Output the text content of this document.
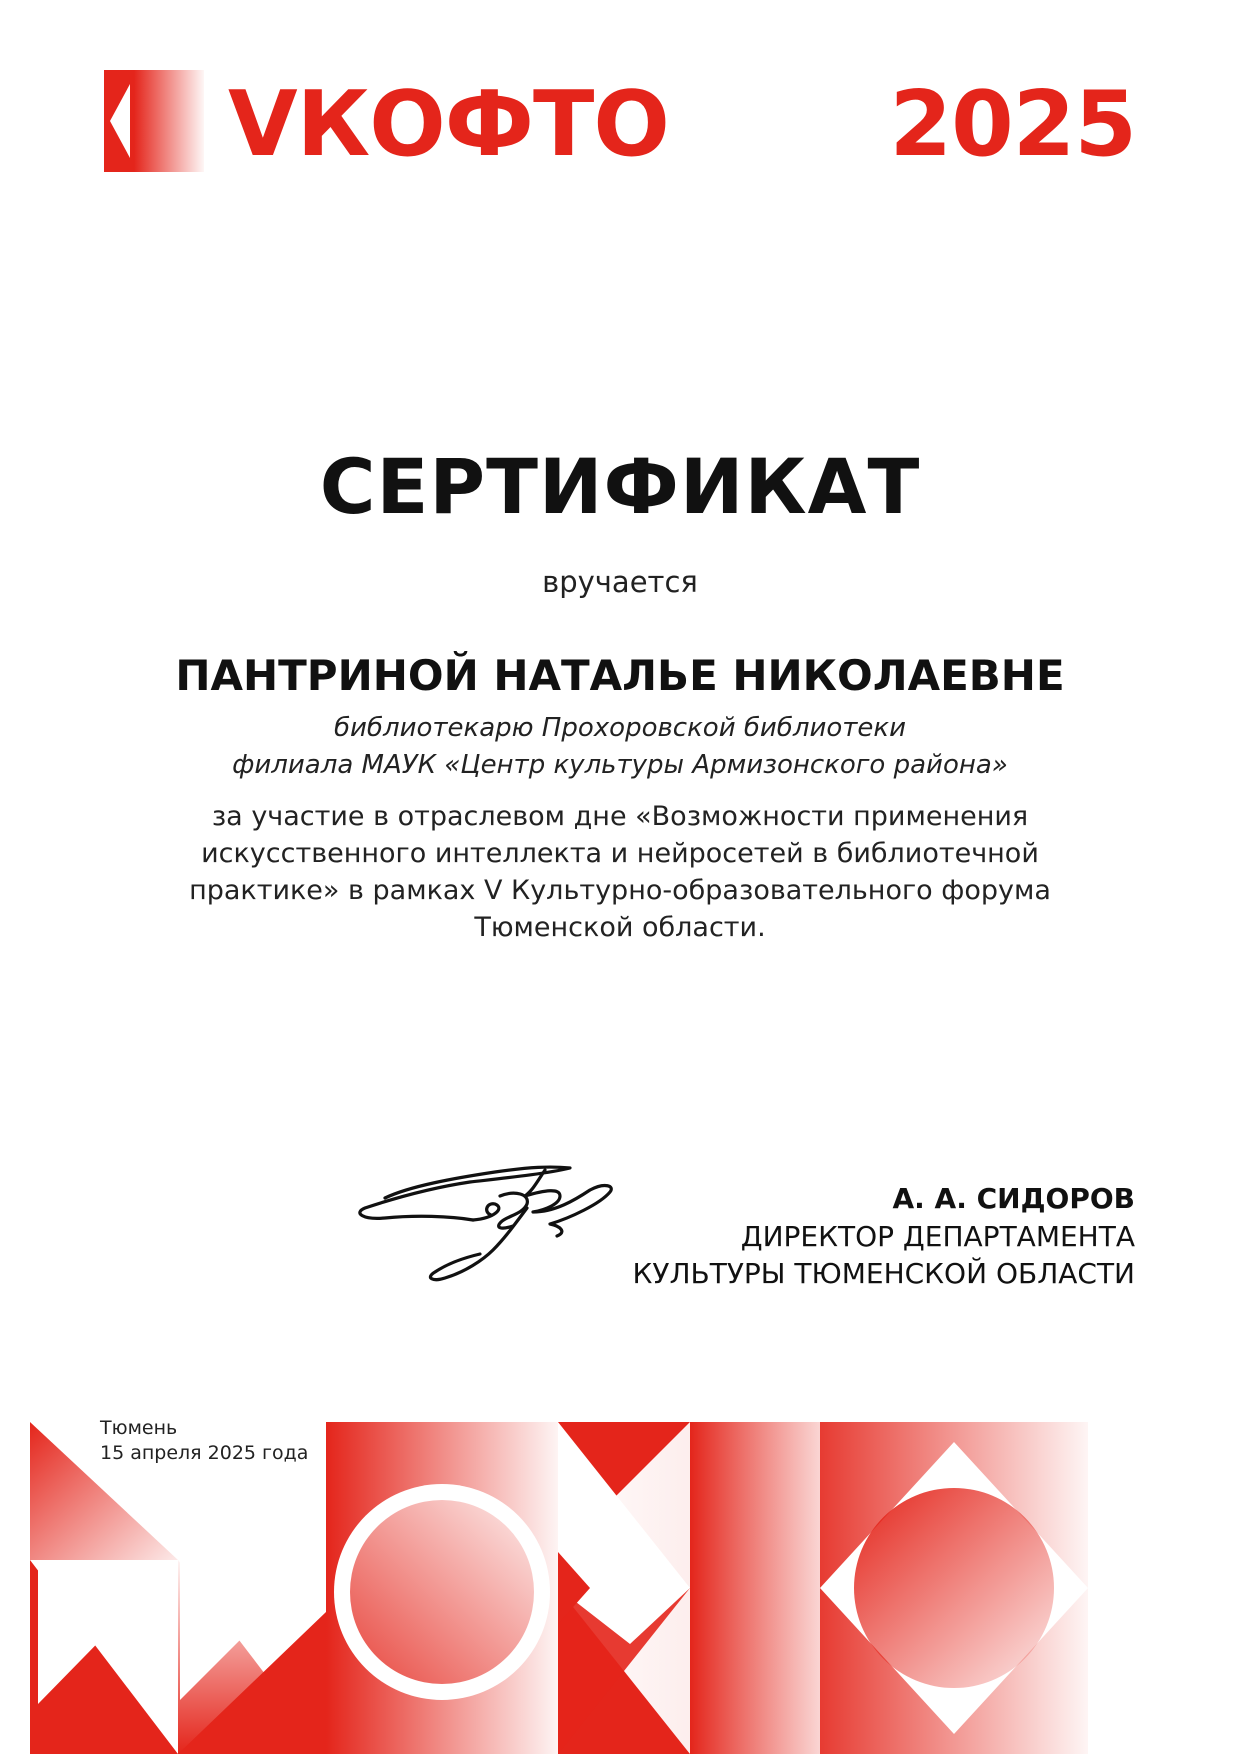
VКОФТО 2025

СЕРТИФИКАТ

вручается

ПАНТРИНОЙ НАТАЛЬЕ НИКОЛАЕВНЕ

библиотекарю Прохоровской библиотеки
филиала МАУК «Центр культуры Армизонского района»

за участие в отраслевом дне «Возможности применения
искусственного интеллекта и нейросетей в библиотечной
практике» в рамках V Культурно-образовательного форума
Тюменской области.

А. А. СИДОРОВ
ДИРЕКТОР ДЕПАРТАМЕНТА
КУЛЬТУРЫ ТЮМЕНСКОЙ ОБЛАСТИ

Тюмень
15 апреля 2025 года
